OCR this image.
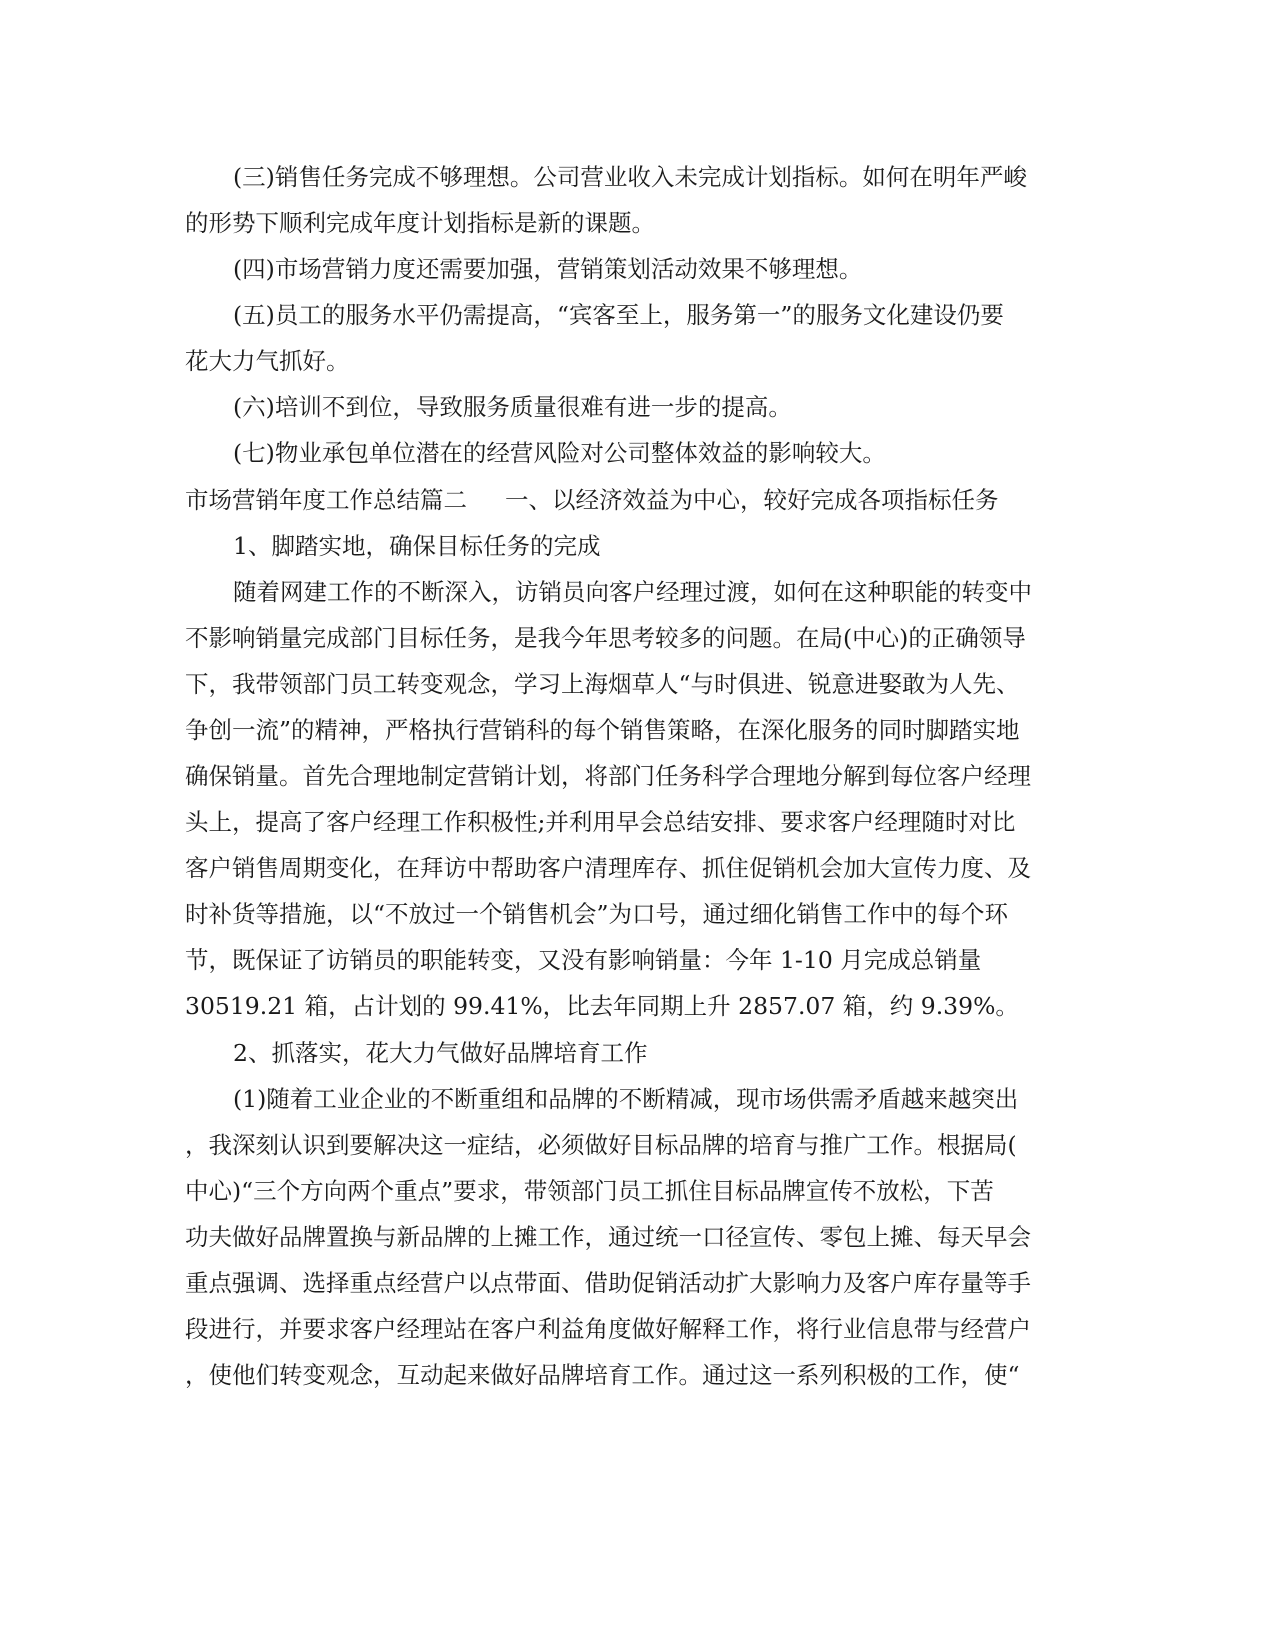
(三)销售任务完成不够理想。公司营业收入未完成计划指标。如何在明年严峻
的形势下顺利完成年度计划指标是新的课题。
(四)市场营销力度还需要加强，营销策划活动效果不够理想。
(五)员工的服务水平仍需提高，“宾客至上，服务第一”的服务文化建设仍要
花大力气抓好。
(六)培训不到位，导致服务质量很难有进一步的提高。
(七)物业承包单位潜在的经营风险对公司整体效益的影响较大。
市场营销年度工作总结篇二 一、以经济效益为中心，较好完成各项指标任务
1、脚踏实地，确保目标任务的完成
随着网建工作的不断深入，访销员向客户经理过渡，如何在这种职能的转变中
不影响销量完成部门目标任务，是我今年思考较多的问题。在局(中心)的正确领导
下，我带领部门员工转变观念，学习上海烟草人“与时俱进、锐意进娶敢为人先、
争创一流”的精神，严格执行营销科的每个销售策略，在深化服务的同时脚踏实地
确保销量。首先合理地制定营销计划，将部门任务科学合理地分解到每位客户经理
头上，提高了客户经理工作积极性;并利用早会总结安排、要求客户经理随时对比
客户销售周期变化，在拜访中帮助客户清理库存、抓住促销机会加大宣传力度、及
时补货等措施，以“不放过一个销售机会”为口号，通过细化销售工作中的每个环
节，既保证了访销员的职能转变，又没有影响销量：今年 1-10 月完成总销量
30519.21 箱，占计划的 99.41%，比去年同期上升 2857.07 箱，约 9.39%。
2、抓落实，花大力气做好品牌培育工作
(1)随着工业企业的不断重组和品牌的不断精减，现市场供需矛盾越来越突出
，我深刻认识到要解决这一症结，必须做好目标品牌的培育与推广工作。根据局(
中心)“三个方向两个重点”要求，带领部门员工抓住目标品牌宣传不放松，下苦
功夫做好品牌置换与新品牌的上摊工作，通过统一口径宣传、零包上摊、每天早会
重点强调、选择重点经营户以点带面、借助促销活动扩大影响力及客户库存量等手
段进行，并要求客户经理站在客户利益角度做好解释工作，将行业信息带与经营户
，使他们转变观念，互动起来做好品牌培育工作。通过这一系列积极的工作，使“
